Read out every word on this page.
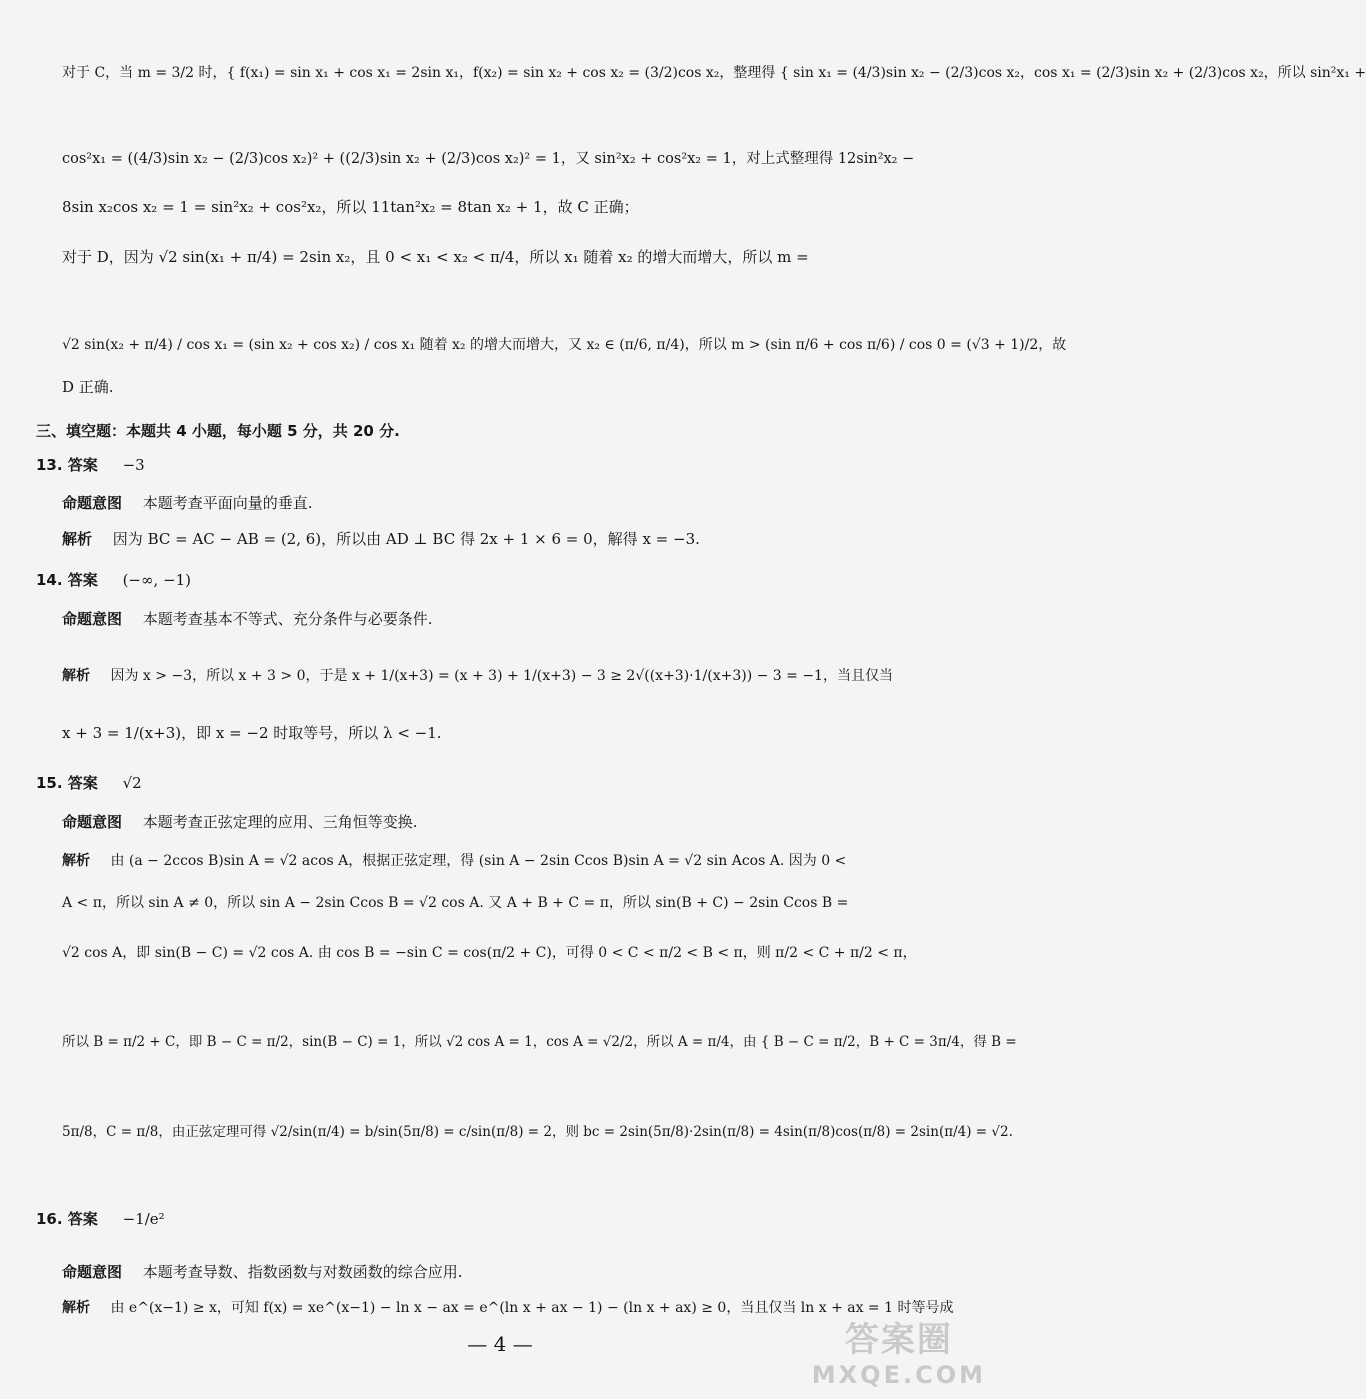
对于 C，当 m = 3/2 时，{ f(x₁) = sin x₁ + cos x₁ = 2sin x₁，f(x₂) = sin x₂ + cos x₂ = (3/2)cos x₂，整理得 { sin x₁ = (4/3)sin x₂ − (2/3)cos x₂，cos x₁ = (2/3)sin x₂ + (2/3)cos x₂，所以 sin²x₁ +
cos²x₁ = ((4/3)sin x₂ − (2/3)cos x₂)² + ((2/3)sin x₂ + (2/3)cos x₂)² = 1，又 sin²x₂ + cos²x₂ = 1，对上式整理得 12sin²x₂ −
8sin x₂cos x₂ = 1 = sin²x₂ + cos²x₂，所以 11tan²x₂ = 8tan x₂ + 1，故 C 正确；
对于 D，因为 √2 sin(x₁ + π/4) = 2sin x₂，且 0 < x₁ < x₂ < π/4，所以 x₁ 随着 x₂ 的增大而增大，所以 m =
√2 sin(x₂ + π/4) / cos x₁ = (sin x₂ + cos x₂) / cos x₁ 随着 x₂ 的增大而增大，又 x₂ ∈ (π/6, π/4)，所以 m > (sin π/6 + cos π/6) / cos 0 = (√3 + 1)/2，故
D 正确.
三、填空题：本题共 4 小题，每小题 5 分，共 20 分.
13. 答案 −3
命题意图 本题考查平面向量的垂直.
解析 因为 BC = AC − AB = (2, 6)，所以由 AD ⊥ BC 得 2x + 1 × 6 = 0，解得 x = −3.
14. 答案 (−∞, −1)
命题意图 本题考查基本不等式、充分条件与必要条件.
解析 因为 x > −3，所以 x + 3 > 0，于是 x + 1/(x+3) = (x + 3) + 1/(x+3) − 3 ≥ 2√((x+3)·1/(x+3)) − 3 = −1，当且仅当
x + 3 = 1/(x+3)，即 x = −2 时取等号，所以 λ < −1.
15. 答案 √2
命题意图 本题考查正弦定理的应用、三角恒等变换.
解析 由 (a − 2ccos B)sin A = √2 acos A，根据正弦定理，得 (sin A − 2sin Ccos B)sin A = √2 sin Acos A. 因为 0 <
A < π，所以 sin A ≠ 0，所以 sin A − 2sin Ccos B = √2 cos A. 又 A + B + C = π，所以 sin(B + C) − 2sin Ccos B =
√2 cos A，即 sin(B − C) = √2 cos A. 由 cos B = −sin C = cos(π/2 + C)，可得 0 < C < π/2 < B < π，则 π/2 < C + π/2 < π，
所以 B = π/2 + C，即 B − C = π/2，sin(B − C) = 1，所以 √2 cos A = 1，cos A = √2/2，所以 A = π/4，由 { B − C = π/2，B + C = 3π/4，得 B =
5π/8，C = π/8，由正弦定理可得 √2/sin(π/4) = b/sin(5π/8) = c/sin(π/8) = 2，则 bc = 2sin(5π/8)·2sin(π/8) = 4sin(π/8)cos(π/8) = 2sin(π/4) = √2.
16. 答案 −1/e²
命题意图 本题考查导数、指数函数与对数函数的综合应用.
解析 由 e^(x−1) ≥ x，可知 f(x) = xe^(x−1) − ln x − ax = e^(ln x + ax − 1) − (ln x + ax) ≥ 0，当且仅当 ln x + ax = 1 时等号成
— 4 —	答案圈
MXQE.COM
